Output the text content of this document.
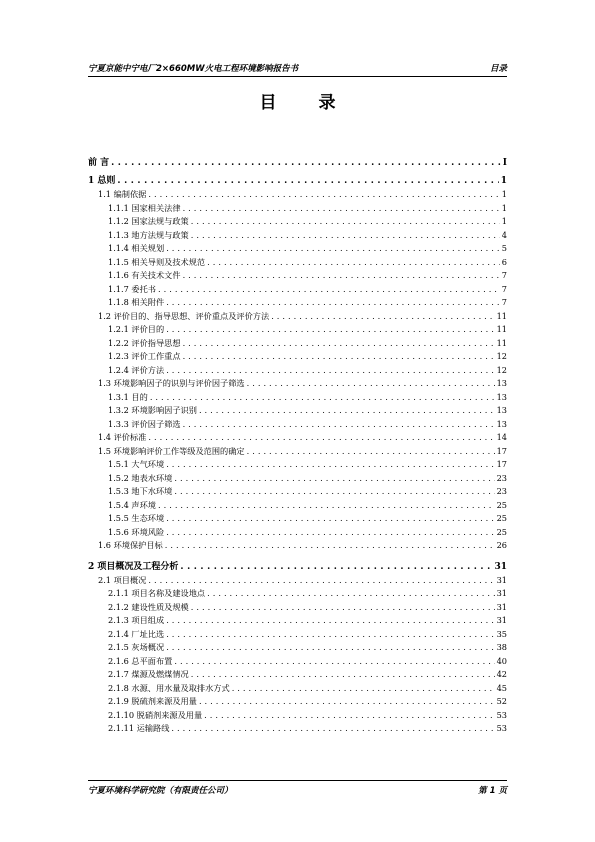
宁夏京能中宁电厂2×660MW火电工程环境影响报告书	目录
目 录
前 言 . . .	I
1 总则 . . .	1
1.1 编制依据 . . .	1
1.1.1 国家相关法律 . . .	1
1.1.2 国家法规与政策 . . .	1
1.1.3 地方法规与政策 . . .	4
1.1.4 相关规划 . . .	5
1.1.5 相关导则及技术规范 . . .	6
1.1.6 有关技术文件 . . .	7
1.1.7 委托书 . . .	7
1.1.8 相关附件 . . .	7
1.2 评价目的、指导思想、评价重点及评价方法 . . .	11
1.2.1 评价目的 . . .	11
1.2.2 评价指导思想 . . .	11
1.2.3 评价工作重点 . . .	12
1.2.4 评价方法 . . .	12
1.3 环境影响因子的识别与评价因子筛选 . . .	13
1.3.1 目的 . . .	13
1.3.2 环境影响因子识别 . . .	13
1.3.3 评价因子筛选 . . .	13
1.4 评价标准 . . .	14
1.5 环境影响评价工作等级及范围的确定 . . .	17
1.5.1 大气环境 . . .	17
1.5.2 地表水环境 . . .	23
1.5.3 地下水环境 . . .	23
1.5.4 声环境 . . .	25
1.5.5 生态环境 . . .	25
1.5.6 环境风险 . . .	25
1.6 环境保护目标 . . .	26
2 项目概况及工程分析 . . .	31
2.1 项目概况 . . .	31
2.1.1 项目名称及建设地点 . . .	31
2.1.2 建设性质及规模 . . .	31
2.1.3 项目组成 . . .	31
2.1.4 厂址比选 . . .	35
2.1.5 灰场概况 . . .	38
2.1.6 总平面布置 . . .	40
2.1.7 煤源及燃煤情况 . . .	42
2.1.8 水源、用水量及取排水方式 . . .	45
2.1.9 脱硫剂来源及用量 . . .	52
2.1.10 脱硝剂来源及用量 . . .	53
2.1.11 运输路线 . . .	53
宁夏环境科学研究院（有限责任公司）	第 1 页
